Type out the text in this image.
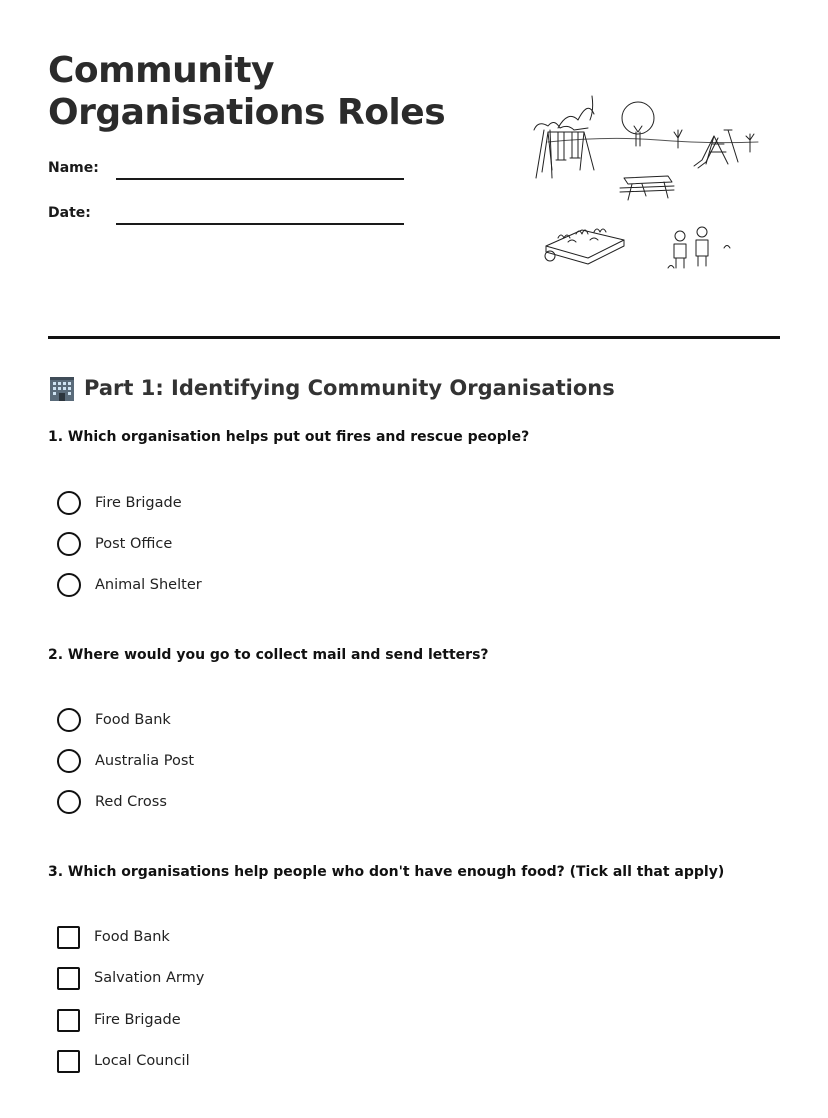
Community
Organisations Roles
Name:
Date:
Part 1: Identifying Community Organisations

1. Which organisation helps put out fires and rescue people?

Fire Brigade
Post Office
Animal Shelter

2. Where would you go to collect mail and send letters?

Food Bank
Australia Post
Red Cross

3. Which organisations help people who don't have enough food? (Tick all that apply)

Food Bank
Salvation Army
Fire Brigade
Local Council
